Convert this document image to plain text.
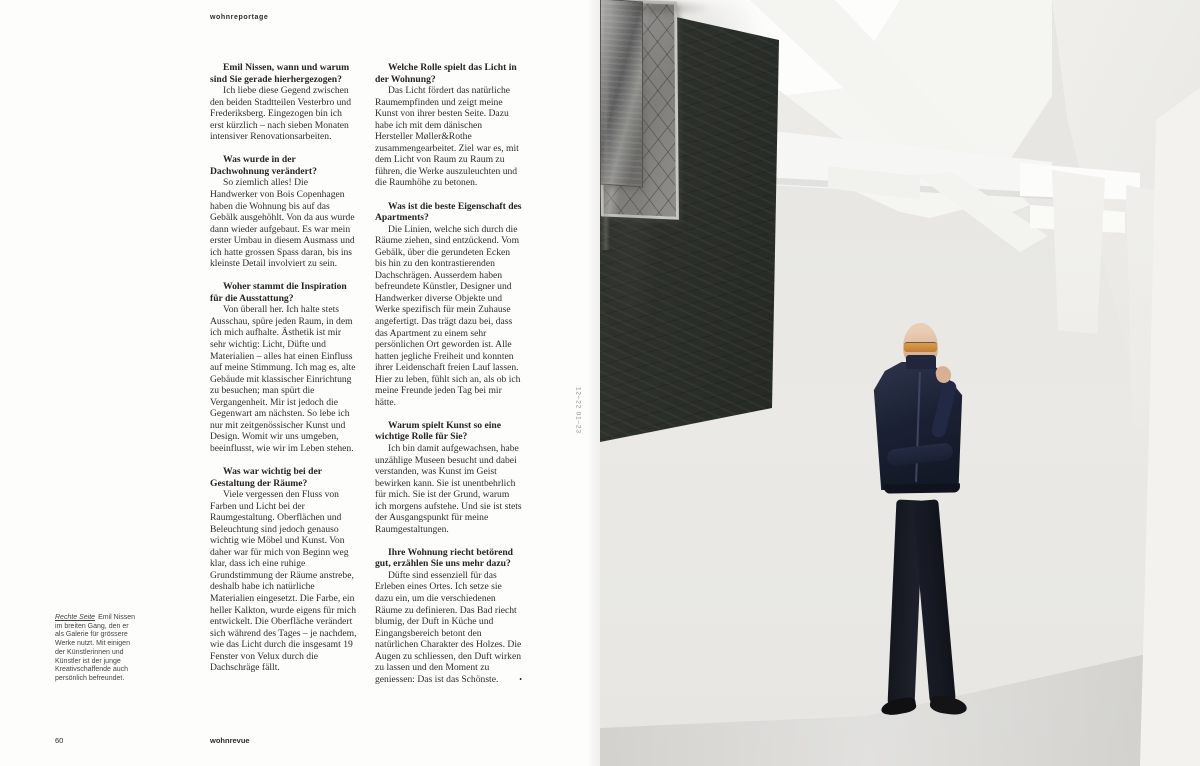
wohnreportage

Emil Nissen, wann und warum sind Sie gerade hierhergezogen?

Ich liebe diese Gegend zwischen den beiden Stadtteilen Vesterbro und Frederiksberg. Eingezogen bin ich erst kürzlich – nach sieben Monaten intensiver Renovationsarbeiten.

Was wurde in der Dachwohnung verändert?

So ziemlich alles! Die Handwerker von Bois Copenhagen haben die Wohnung bis auf das Gebälk ausgehöhlt. Von da aus wurde dann wieder aufgebaut. Es war mein erster Umbau in diesem Ausmass und ich hatte grossen Spass daran, bis ins kleinste Detail involviert zu sein.

Woher stammt die Inspiration für die Ausstattung?

Von überall her. Ich halte stets Ausschau, spüre jeden Raum, in dem ich mich aufhalte. Ästhetik ist mir sehr wichtig: Licht, Düfte und Materialien – alles hat einen Einfluss auf meine Stimmung. Ich mag es, alte Gebäude mit klassischer Einrichtung zu besuchen; man spürt die Vergangenheit. Mir ist jedoch die Gegenwart am nächsten. So lebe ich nur mit zeitgenössischer Kunst und Design. Womit wir uns umgeben, beeinflusst, wie wir im Leben stehen.

Was war wichtig bei der Gestaltung der Räume?

Viele vergessen den Fluss von Farben und Licht bei der Raumgestaltung. Oberflächen und Beleuchtung sind jedoch genauso wichtig wie Möbel und Kunst. Von daher war für mich von Beginn weg klar, dass ich eine ruhige Grundstimmung der Räume anstrebe, deshalb habe ich natürliche Materialien eingesetzt. Die Farbe, ein heller Kalkton, wurde eigens für mich entwickelt. Die Oberfläche verändert sich während des Tages – je nachdem, wie das Licht durch die insgesamt 19 Fenster von Velux durch die Dachschräge fällt.

Welche Rolle spielt das Licht in der Wohnung?

Das Licht fördert das natürliche Raumempfinden und zeigt meine Kunst von ihrer besten Seite. Dazu habe ich mit dem dänischen Hersteller Møller&Rothe zusammengearbeitet. Ziel war es, mit dem Licht von Raum zu Raum zu führen, die Werke auszuleuchten und die Raumhöhe zu betonen.

Was ist die beste Eigenschaft des Apartments?

Die Linien, welche sich durch die Räume ziehen, sind entzückend. Vom Gebälk, über die gerundeten Ecken bis hin zu den kontrastierenden Dachschrägen. Ausserdem haben befreundete Künstler, Designer und Handwerker diverse Objekte und Werke spezifisch für mein Zuhause angefertigt. Das trägt dazu bei, dass das Apartment zu einem sehr persönlichen Ort geworden ist. Alle hatten jegliche Freiheit und konnten ihrer Leidenschaft freien Lauf lassen. Hier zu leben, fühlt sich an, als ob ich meine Freunde jeden Tag bei mir hätte.

Warum spielt Kunst so eine wichtige Rolle für Sie?

Ich bin damit aufgewachsen, habe unzählige Museen besucht und dabei verstanden, was Kunst im Geist bewirken kann. Sie ist unentbehrlich für mich. Sie ist der Grund, warum ich morgens aufstehe. Und sie ist stets der Ausgangspunkt für meine Raumgestaltungen.

Ihre Wohnung riecht betörend gut, erzählen Sie uns mehr dazu?

Düfte sind essenziell für das Erleben eines Ortes. Ich setze sie dazu ein, um die verschiedenen Räume zu definieren. Das Bad riecht blumig, der Duft in Küche und Eingangsbereich betont den natürlichen Charakter des Holzes. Die Augen zu schliessen, den Duft wirken zu lassen und den Moment zu geniessen: Das ist das Schönste.	•

Rechte Seite Emil Nissen im breiten Gang, den er als Galerie für grössere Werke nutzt. Mit einigen der Künstlerinnen und Künstler ist der junge Kreativschaffende auch persönlich befreundet.

60	wohnrevue
12–22 01–23
